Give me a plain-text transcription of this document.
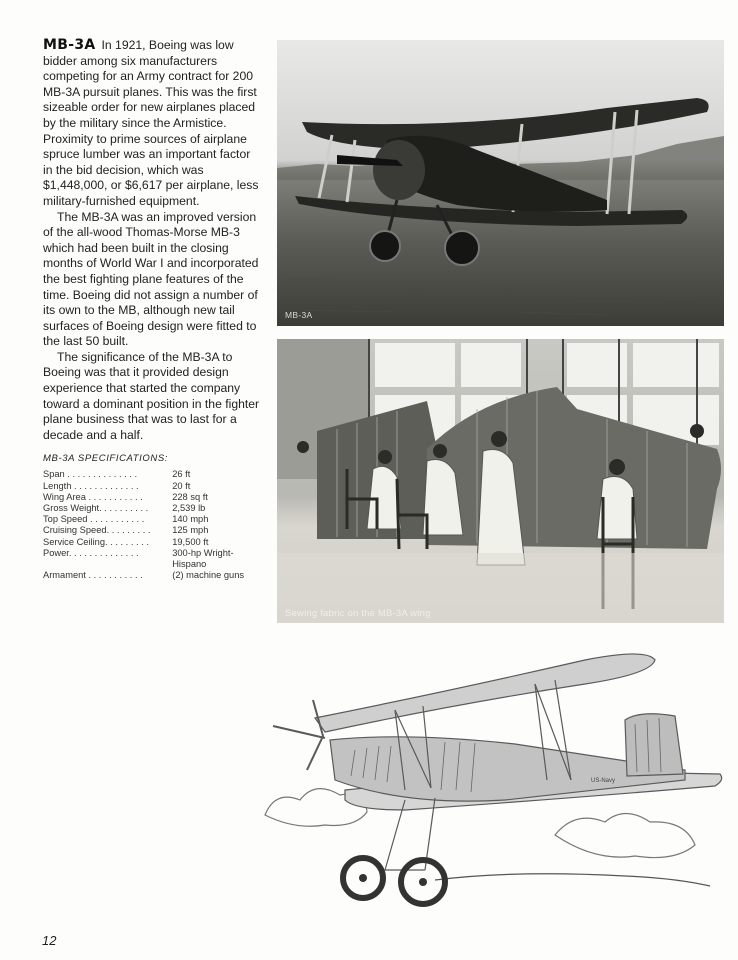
MB-3A In 1921, Boeing was low bidder among six manufacturers competing for an Army contract for 200 MB-3A pursuit planes. This was the first sizeable order for new airplanes placed by the military since the Armistice. Proximity to prime sources of airplane spruce lumber was an important factor in the bid decision, which was $1,448,000, or $6,617 per airplane, less military-furnished equipment.

The MB-3A was an improved version of the all-wood Thomas-Morse MB-3 which had been built in the closing months of World War I and incorporated the best fighting plane features of the time. Boeing did not assign a number of its own to the MB, although new tail surfaces of Boeing design were fitted to the last 50 built.

The significance of the MB-3A to Boeing was that it provided design experience that started the company toward a dominant position in the fighter plane business that was to last for a decade and a half.

MB-3A SPECIFICATIONS:
Span . . . . . . . . . . . . . .	26 ft
Length . . . . . . . . . . . . .	20 ft
Wing Area . . . . . . . . . . .	228 sq ft
Gross Weight. . . . . . . . . .	2,539 lb
Top Speed . . . . . . . . . . .	140 mph
Cruising Speed. . . . . . . . .	125 mph
Service Ceiling. . . . . . . . .	19,500 ft
Power. . . . . . . . . . . . . .	300-hp Wright-Hispano
Armament . . . . . . . . . . .	(2) machine guns
MB-3A
Sewing fabric on the MB-3A wing
US-Navy
12
